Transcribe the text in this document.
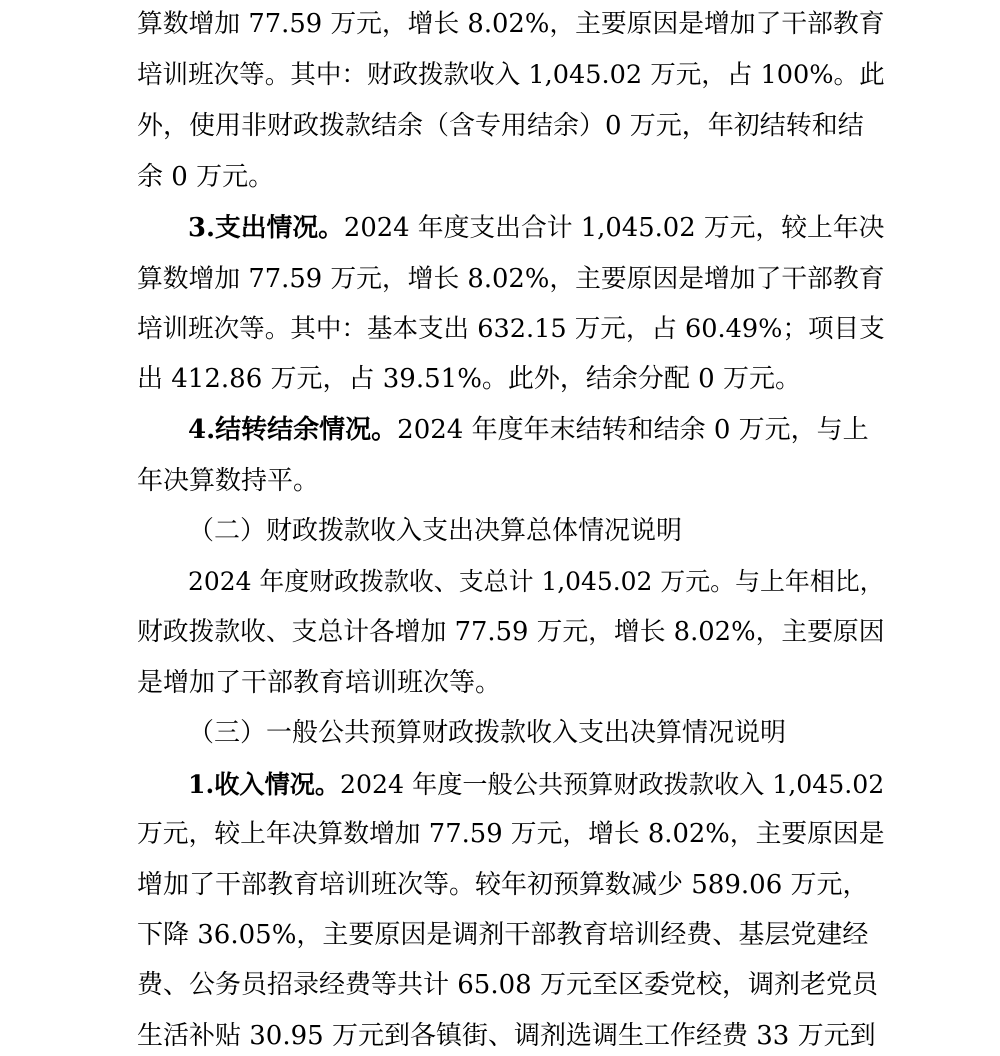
算数增加 77.59 万元，增长 8.02%，主要原因是增加了干部教育

培训班次等。其中：财政拨款收入 1,045.02 万元，占 100%。此

外，使用非财政拨款结余（含专用结余）0 万元，年初结转和结

余 0 万元。

3.支出情况。2024 年度支出合计 1,045.02 万元，较上年决

算数增加 77.59 万元，增长 8.02%，主要原因是增加了干部教育

培训班次等。其中：基本支出 632.15 万元，占 60.49%；项目支

出 412.86 万元，占 39.51%。此外，结余分配 0 万元。

4.结转结余情况。2024 年度年末结转和结余 0 万元，与上

年决算数持平。

（二）财政拨款收入支出决算总体情况说明

2024 年度财政拨款收、支总计 1,045.02 万元。与上年相比，

财政拨款收、支总计各增加 77.59 万元，增长 8.02%，主要原因

是增加了干部教育培训班次等。

（三）一般公共预算财政拨款收入支出决算情况说明

1.收入情况。2024 年度一般公共预算财政拨款收入 1,045.02

万元，较上年决算数增加 77.59 万元，增长 8.02%，主要原因是

增加了干部教育培训班次等。较年初预算数减少 589.06 万元，

下降 36.05%，主要原因是调剂干部教育培训经费、基层党建经

费、公务员招录经费等共计 65.08 万元至区委党校，调剂老党员

生活补贴 30.95 万元到各镇街、调剂选调生工作经费 33 万元到
